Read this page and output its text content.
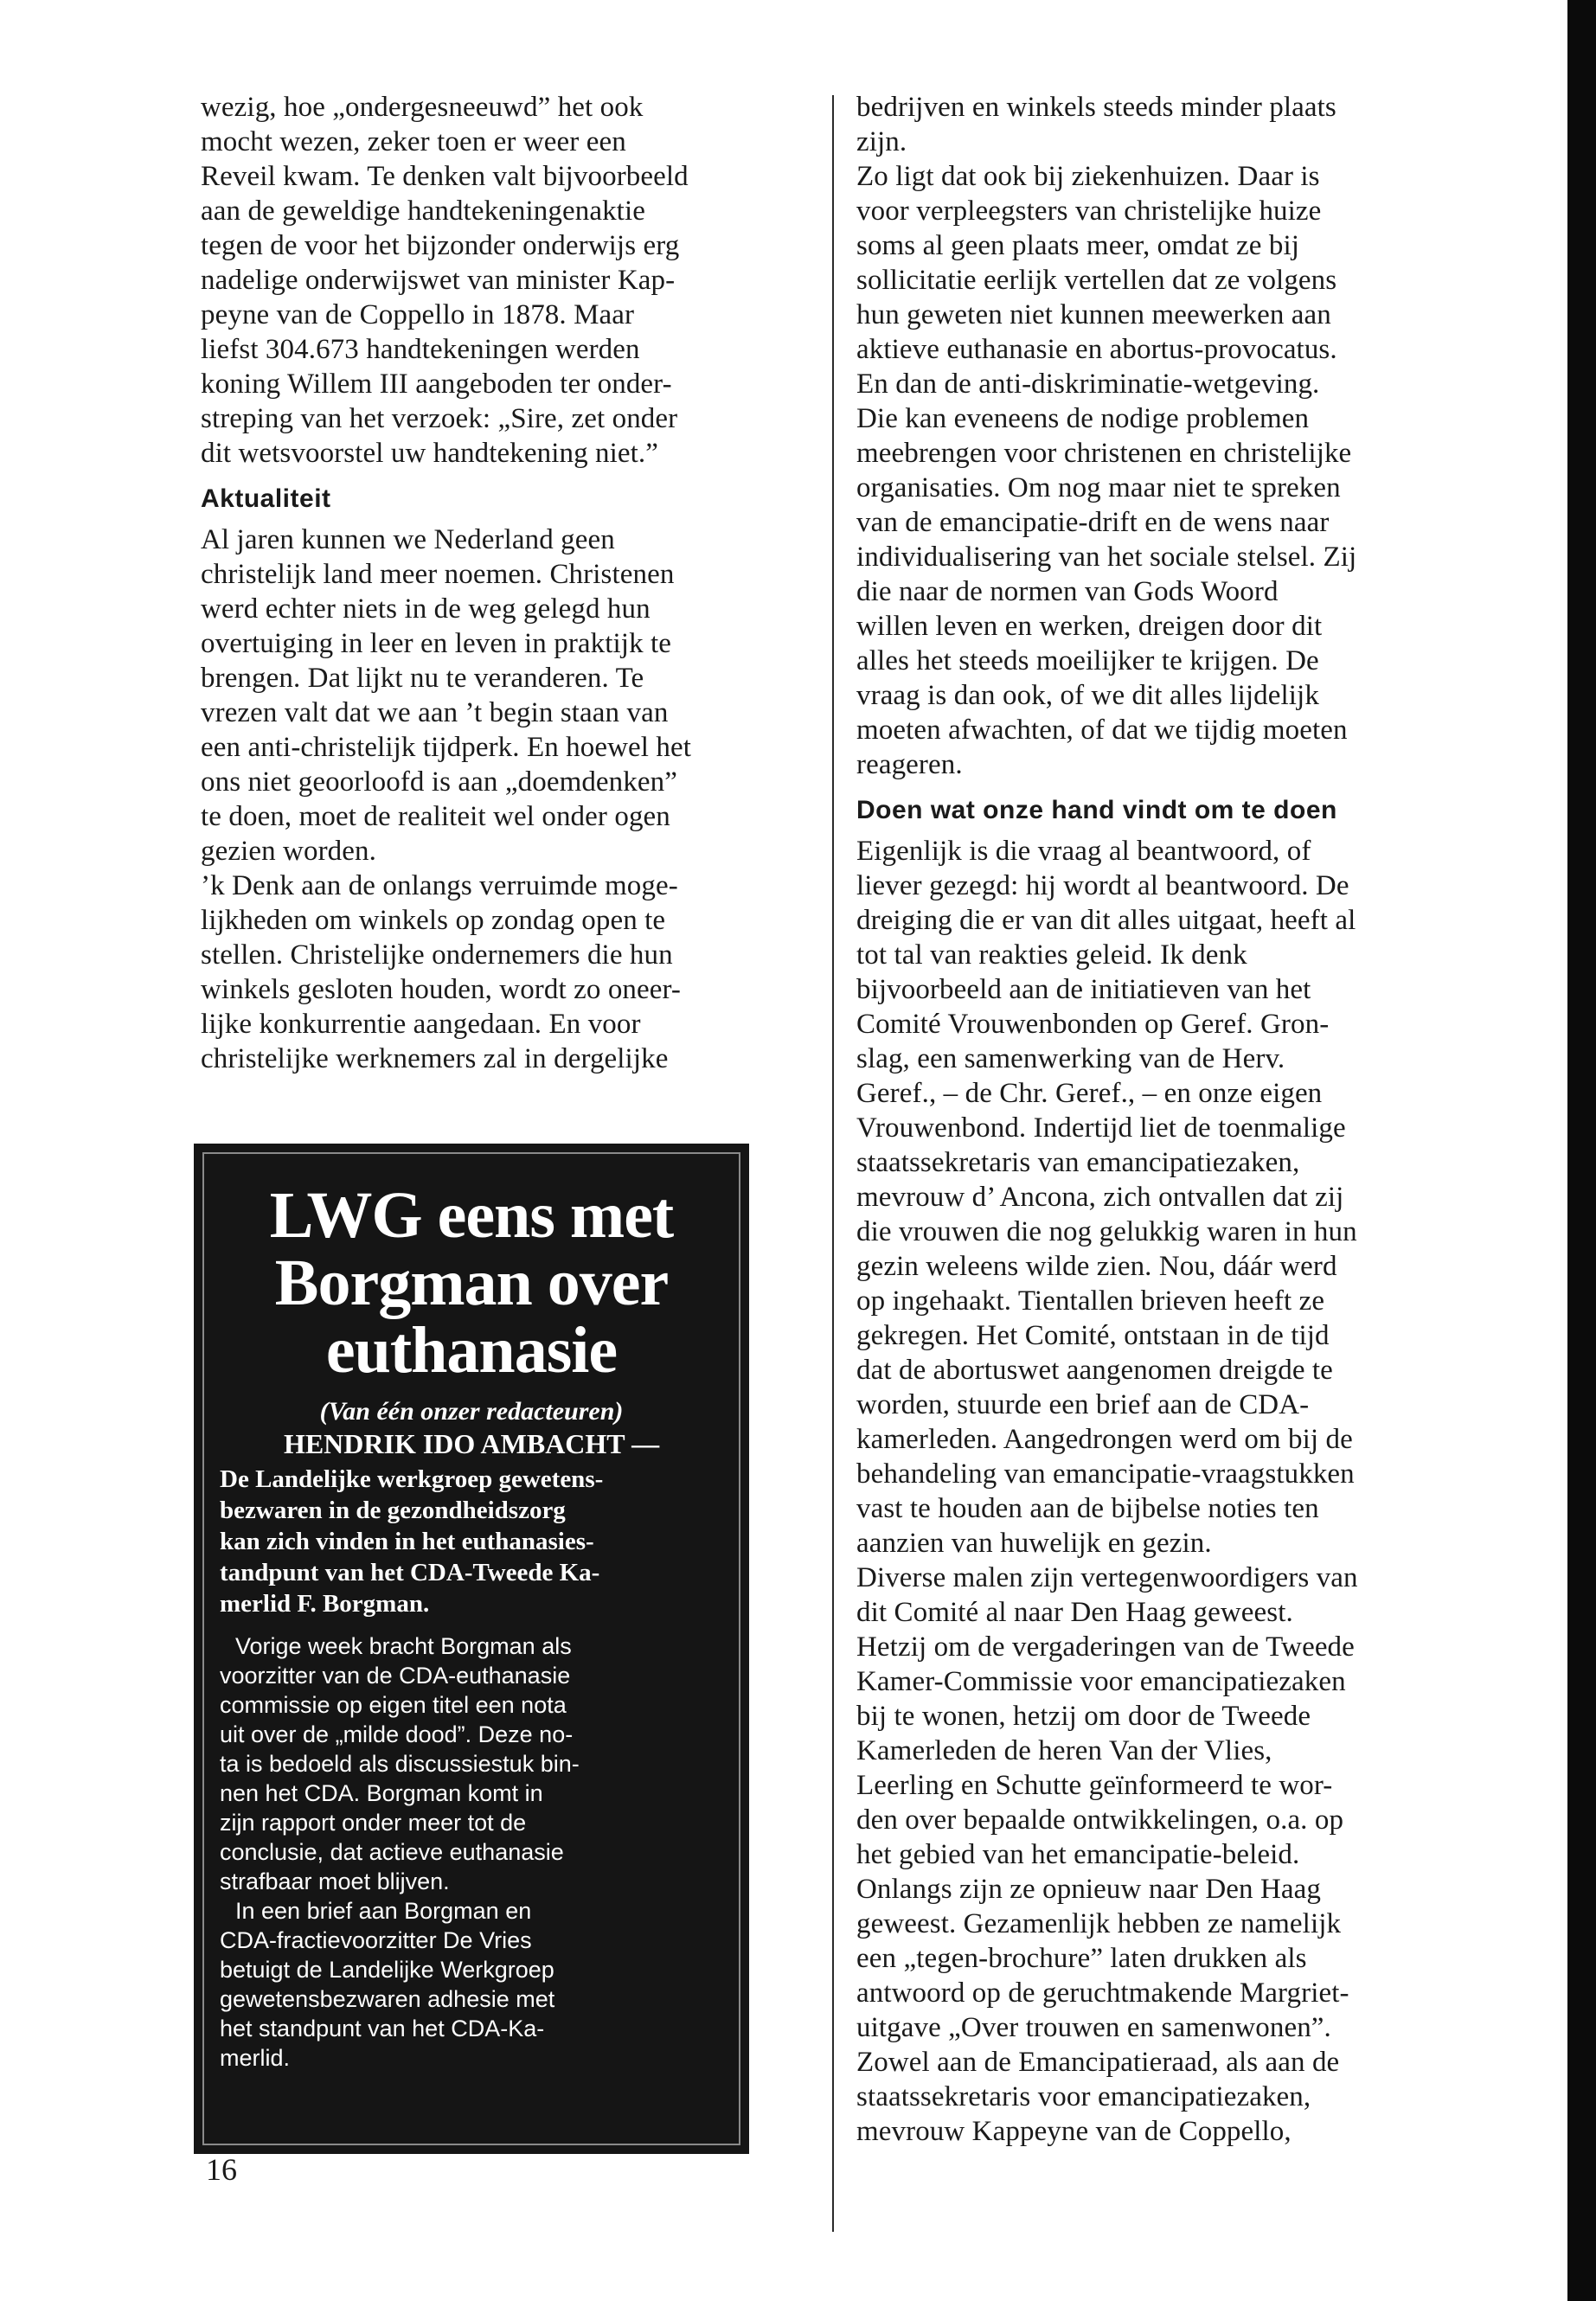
wezig, hoe „ondergesneeuwd” het ook

mocht wezen, zeker toen er weer een

Reveil kwam. Te denken valt bijvoorbeeld

aan de geweldige handtekeningenaktie

tegen de voor het bijzonder onderwijs erg

nadelige onderwijswet van minister Kap-

peyne van de Coppello in 1878. Maar

liefst 304.673 handtekeningen werden

koning Willem III aangeboden ter onder-

streping van het verzoek: „Sire, zet onder

dit wetsvoorstel uw handtekening niet.”

Aktualiteit

Al jaren kunnen we Nederland geen

christelijk land meer noemen. Christenen

werd echter niets in de weg gelegd hun

overtuiging in leer en leven in praktijk te

brengen. Dat lijkt nu te veranderen. Te

vrezen valt dat we aan ’t begin staan van

een anti-christelijk tijdperk. En hoewel het

ons niet geoorloofd is aan „doemdenken”

te doen, moet de realiteit wel onder ogen

gezien worden.

’k Denk aan de onlangs verruimde moge-

lijkheden om winkels op zondag open te

stellen. Christelijke ondernemers die hun

winkels gesloten houden, wordt zo oneer-

lijke konkurrentie aangedaan. En voor

christelijke werknemers zal in dergelijke

LWG eens met
Borgman over
euthanasie

(Van één onzer redacteuren)

HENDRIK IDO AMBACHT —

De Landelijke werkgroep gewetens-

bezwaren in de gezondheidszorg

kan zich vinden in het euthanasies-

tandpunt van het CDA-Tweede Ka-

merlid F. Borgman.

Vorige week bracht Borgman als

voorzitter van de CDA-euthanasie

commissie op eigen titel een nota

uit over de „milde dood”. Deze no-

ta is bedoeld als discussiestuk bin-

nen het CDA. Borgman komt in

zijn rapport onder meer tot de

conclusie, dat actieve euthanasie

strafbaar moet blijven.

In een brief aan Borgman en

CDA-fractievoorzitter De Vries

betuigt de Landelijke Werkgroep

gewetensbezwaren adhesie met

het standpunt van het CDA-Ka-

merlid.

bedrijven en winkels steeds minder plaats

zijn.

Zo ligt dat ook bij ziekenhuizen. Daar is

voor verpleegsters van christelijke huize

soms al geen plaats meer, omdat ze bij

sollicitatie eerlijk vertellen dat ze volgens

hun geweten niet kunnen meewerken aan

aktieve euthanasie en abortus-provocatus.

En dan de anti-diskriminatie-wetgeving.

Die kan eveneens de nodige problemen

meebrengen voor christenen en christelijke

organisaties. Om nog maar niet te spreken

van de emancipatie-drift en de wens naar

individualisering van het sociale stelsel. Zij

die naar de normen van Gods Woord

willen leven en werken, dreigen door dit

alles het steeds moeilijker te krijgen. De

vraag is dan ook, of we dit alles lijdelijk

moeten afwachten, of dat we tijdig moeten

reageren.

Doen wat onze hand vindt om te doen

Eigenlijk is die vraag al beantwoord, of

liever gezegd: hij wordt al beantwoord. De

dreiging die er van dit alles uitgaat, heeft al

tot tal van reakties geleid. Ik denk

bijvoorbeeld aan de initiatieven van het

Comité Vrouwenbonden op Geref. Gron-

slag, een samenwerking van de Herv.

Geref., – de Chr. Geref., – en onze eigen

Vrouwenbond. Indertijd liet de toenmalige

staatssekretaris van emancipatiezaken,

mevrouw d’ Ancona, zich ontvallen dat zij

die vrouwen die nog gelukkig waren in hun

gezin weleens wilde zien. Nou, dáár werd

op ingehaakt. Tientallen brieven heeft ze

gekregen. Het Comité, ontstaan in de tijd

dat de abortuswet aangenomen dreigde te

worden, stuurde een brief aan de CDA-

kamerleden. Aangedrongen werd om bij de

behandeling van emancipatie-vraagstukken

vast te houden aan de bijbelse noties ten

aanzien van huwelijk en gezin.

Diverse malen zijn vertegenwoordigers van

dit Comité al naar Den Haag geweest.

Hetzij om de vergaderingen van de Tweede

Kamer-Commissie voor emancipatiezaken

bij te wonen, hetzij om door de Tweede

Kamerleden de heren Van der Vlies,

Leerling en Schutte geïnformeerd te wor-

den over bepaalde ontwikkelingen, o.a. op

het gebied van het emancipatie-beleid.

Onlangs zijn ze opnieuw naar Den Haag

geweest. Gezamenlijk hebben ze namelijk

een „tegen-brochure” laten drukken als

antwoord op de geruchtmakende Margriet-

uitgave „Over trouwen en samenwonen”.

Zowel aan de Emancipatieraad, als aan de

staatssekretaris voor emancipatiezaken,

mevrouw Kappeyne van de Coppello,

16
